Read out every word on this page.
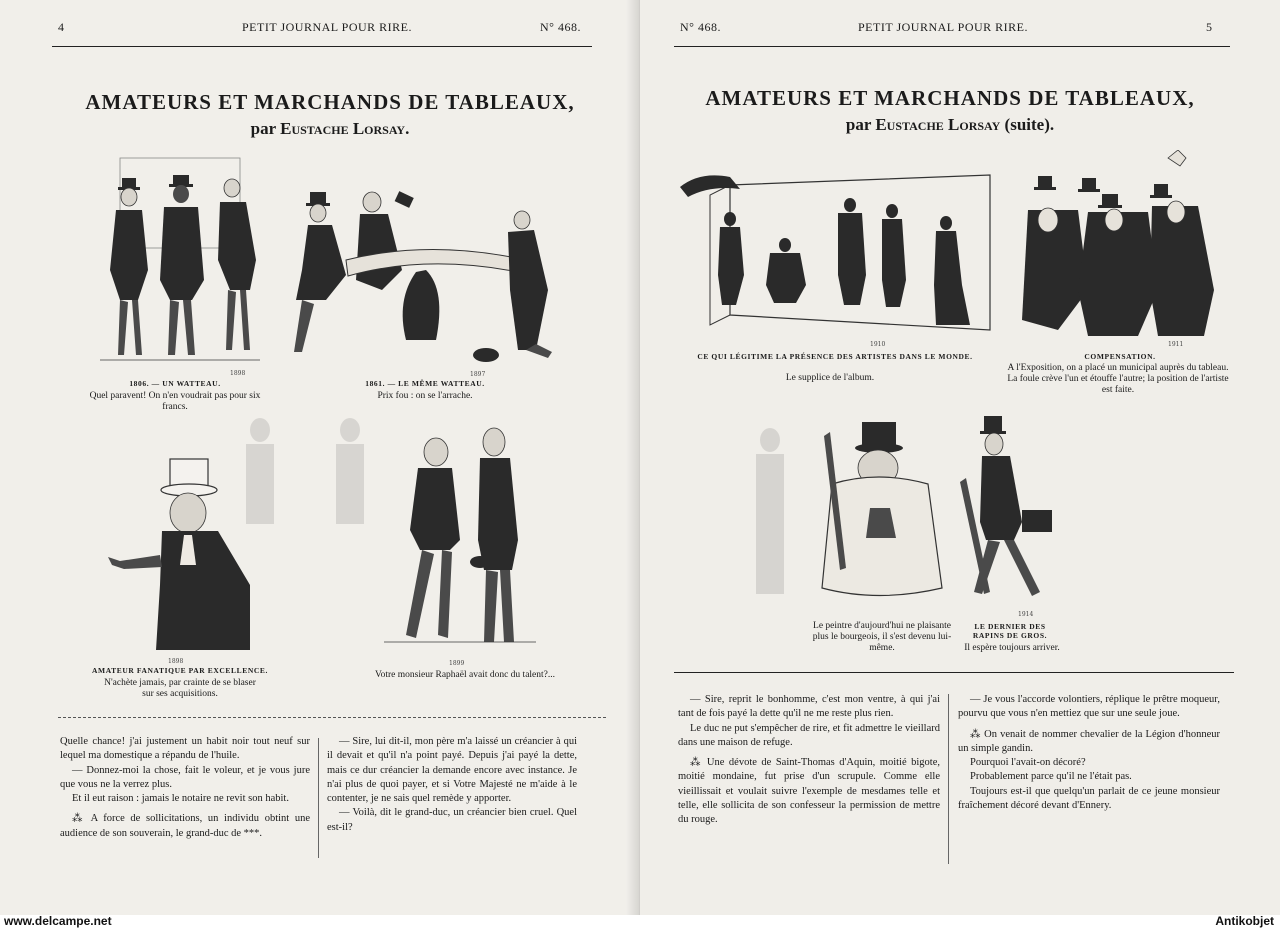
4	PETIT JOURNAL POUR RIRE.	N° 468.
AMATEURS ET MARCHANDS DE TABLEAUX,
par Eustache Lorsay.
1898
1806. — UN WATTEAU.
Quel paravent! On n'en voudrait pas pour six francs.
1897
1861. — LE MÊME WATTEAU.
Prix fou : on se l'arrache.
1898
AMATEUR FANATIQUE PAR EXCELLENCE.
N'achète jamais, par crainte de se blaser sur ses acquisitions.
1899
Votre monsieur Raphaël avait donc du talent?...

Quelle chance! j'ai justement un habit noir tout neuf sur lequel ma domestique a répandu de l'huile.

— Donnez-moi la chose, fait le voleur, et je vous jure que vous ne la verrez plus.

Et il eut raison : jamais le notaire ne revit son habit.

⁂ A force de sollicitations, un individu obtint une audience de son souverain, le grand-duc de ***.

— Sire, lui dit-il, mon père m'a laissé un créancier à qui il devait et qu'il n'a point payé. Depuis j'ai payé la dette, mais ce dur créancier la demande encore avec instance. Je n'ai plus de quoi payer, et si Votre Majesté ne m'aide à le contenter, je ne sais quel remède y apporter.

— Voilà, dit le grand-duc, un créancier bien cruel. Quel est-il?

N° 468.	PETIT JOURNAL POUR RIRE.	5
AMATEURS ET MARCHANDS DE TABLEAUX,
par Eustache Lorsay (suite).
1910
CE QUI LÉGITIME LA PRÉSENCE DES ARTISTES DANS LE MONDE.
Le supplice de l'album.
1911
COMPENSATION.
A l'Exposition, on a placé un municipal auprès du tableau. La foule crève l'un et étouffe l'autre; la position de l'artiste est faite.
1914
Le peintre d'aujourd'hui ne plaisante plus le bourgeois, il s'est devenu lui-même.
LE DERNIER DES RAPINS DE GROS.
Il espère toujours arriver.

— Sire, reprit le bonhomme, c'est mon ventre, à qui j'ai tant de fois payé la dette qu'il ne me reste plus rien.

Le duc ne put s'empêcher de rire, et fit admettre le vieillard dans une maison de refuge.

⁂ Une dévote de Saint-Thomas d'Aquin, moitié bigote, moitié mondaine, fut prise d'un scrupule. Comme elle vieillissait et voulait suivre l'exemple de mesdames telle et telle, elle sollicita de son confesseur la permission de mettre du rouge.

— Je vous l'accorde volontiers, réplique le prêtre moqueur, pourvu que vous n'en mettiez que sur une seule joue.

⁂ On venait de nommer chevalier de la Légion d'honneur un simple gandin.

Pourquoi l'avait-on décoré?

Probablement parce qu'il ne l'était pas.

Toujours est-il que quelqu'un parlait de ce jeune monsieur fraîchement décoré devant d'Ennery.

www.delcampe.net	Antikobjet
